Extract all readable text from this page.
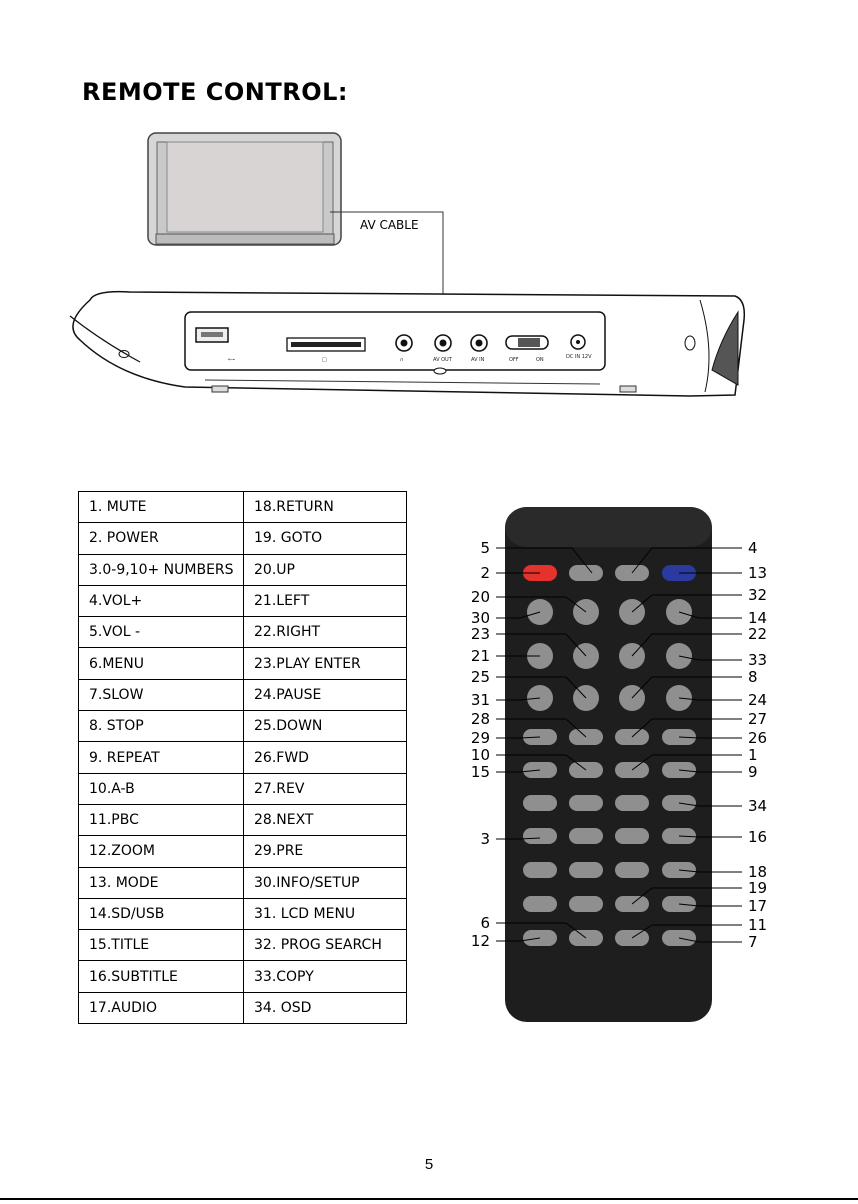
REMOTE CONTROL:
←⌁	□	∩	AV OUT	AV IN	OFF	ON	DC IN 12V
AV CABLE
1. MUTE	18.RETURN
2. POWER	19. GOTO
3.0-9,10+ NUMBERS	20.UP
4.VOL+	21.LEFT
5.VOL -	22.RIGHT
6.MENU	23.PLAY ENTER
7.SLOW	24.PAUSE
8. STOP	25.DOWN
9. REPEAT	26.FWD
10.A-B	27.REV
11.PBC	28.NEXT
12.ZOOM	29.PRE
13. MODE	30.INFO/SETUP
14.SD/USB	31. LCD MENU
15.TITLE	32. PROG SEARCH
16.SUBTITLE	33.COPY
17.AUDIO	34. OSD
5
2
20
30
23
21
25
31
28
29
10
15
3
6
12
4
13
32
14
22
33
8
24
27
26
1
9
34
16
18
19
17
11
7
5
